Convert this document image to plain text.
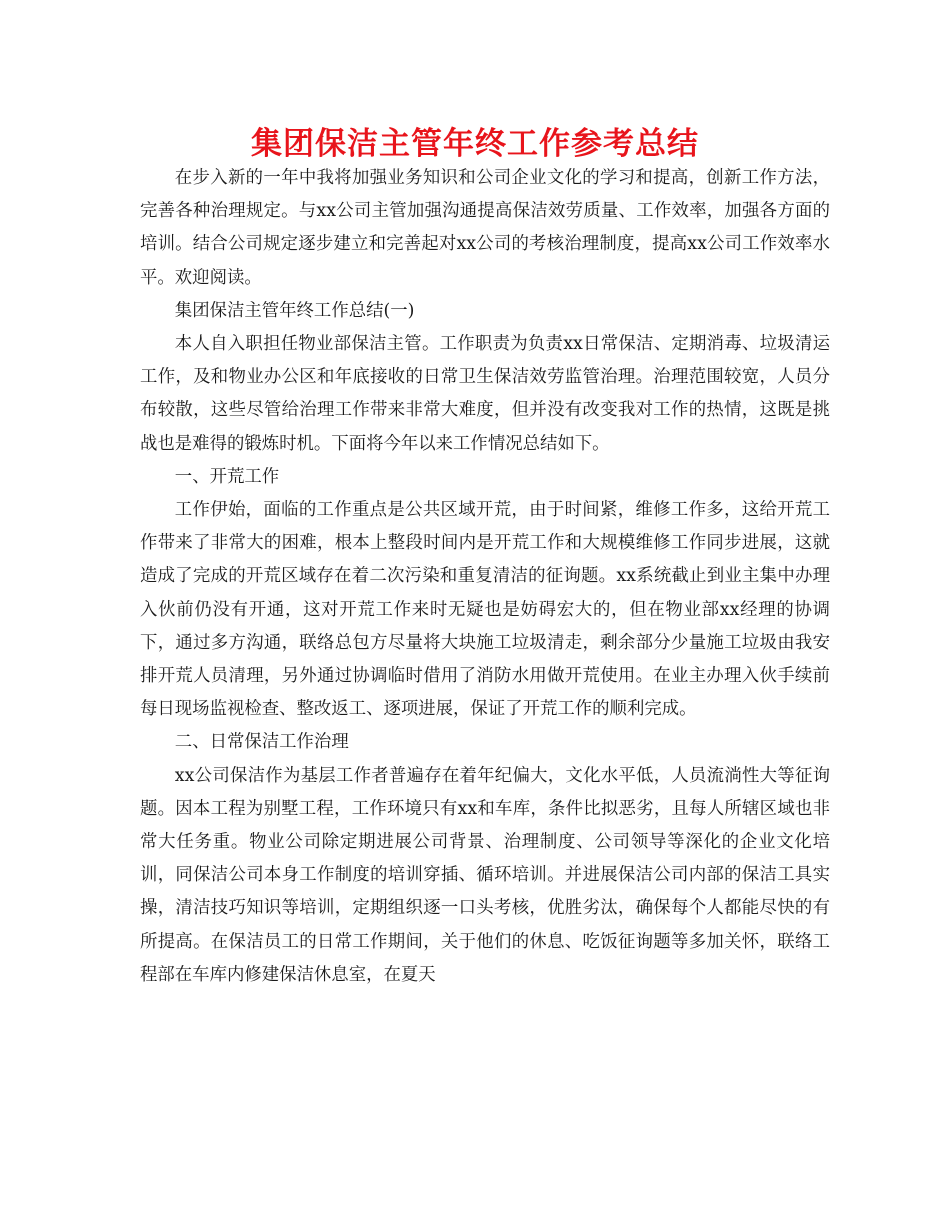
集团保洁主管年终工作参考总结

在步入新的一年中我将加强业务知识和公司企业文化的学习和提高，创新工作方法，完善各种治理规定。与xx公司主管加强沟通提高保洁效劳质量、工作效率，加强各方面的培训。结合公司规定逐步建立和完善起对xx公司的考核治理制度，提高xx公司工作效率水平。欢迎阅读。

集团保洁主管年终工作总结(一)

本人自入职担任物业部保洁主管。工作职责为负责xx日常保洁、定期消毒、垃圾清运工作，及和物业办公区和年底接收的日常卫生保洁效劳监管治理。治理范围较宽，人员分布较散，这些尽管给治理工作带来非常大难度，但并没有改变我对工作的热情，这既是挑战也是难得的锻炼时机。下面将今年以来工作情况总结如下。

一、开荒工作

工作伊始，面临的工作重点是公共区域开荒，由于时间紧，维修工作多，这给开荒工作带来了非常大的困难，根本上整段时间内是开荒工作和大规模维修工作同步进展，这就造成了完成的开荒区域存在着二次污染和重复清洁的征询题。xx系统截止到业主集中办理入伙前仍没有开通，这对开荒工作来时无疑也是妨碍宏大的，但在物业部xx经理的协调下，通过多方沟通，联络总包方尽量将大块施工垃圾清走，剩余部分少量施工垃圾由我安排开荒人员清理，另外通过协调临时借用了消防水用做开荒使用。在业主办理入伙手续前每日现场监视检查、整改返工、逐项进展，保证了开荒工作的顺利完成。

二、日常保洁工作治理

xx公司保洁作为基层工作者普遍存在着年纪偏大，文化水平低，人员流淌性大等征询题。因本工程为别墅工程，工作环境只有xx和车库，条件比拟恶劣，且每人所辖区域也非常大任务重。物业公司除定期进展公司背景、治理制度、公司领导等深化的企业文化培训，同保洁公司本身工作制度的培训穿插、循环培训。并进展保洁公司内部的保洁工具实操，清洁技巧知识等培训，定期组织逐一口头考核，优胜劣汰，确保每个人都能尽快的有所提高。在保洁员工的日常工作期间，关于他们的休息、吃饭征询题等多加关怀，联络工程部在车库内修建保洁休息室，在夏天
